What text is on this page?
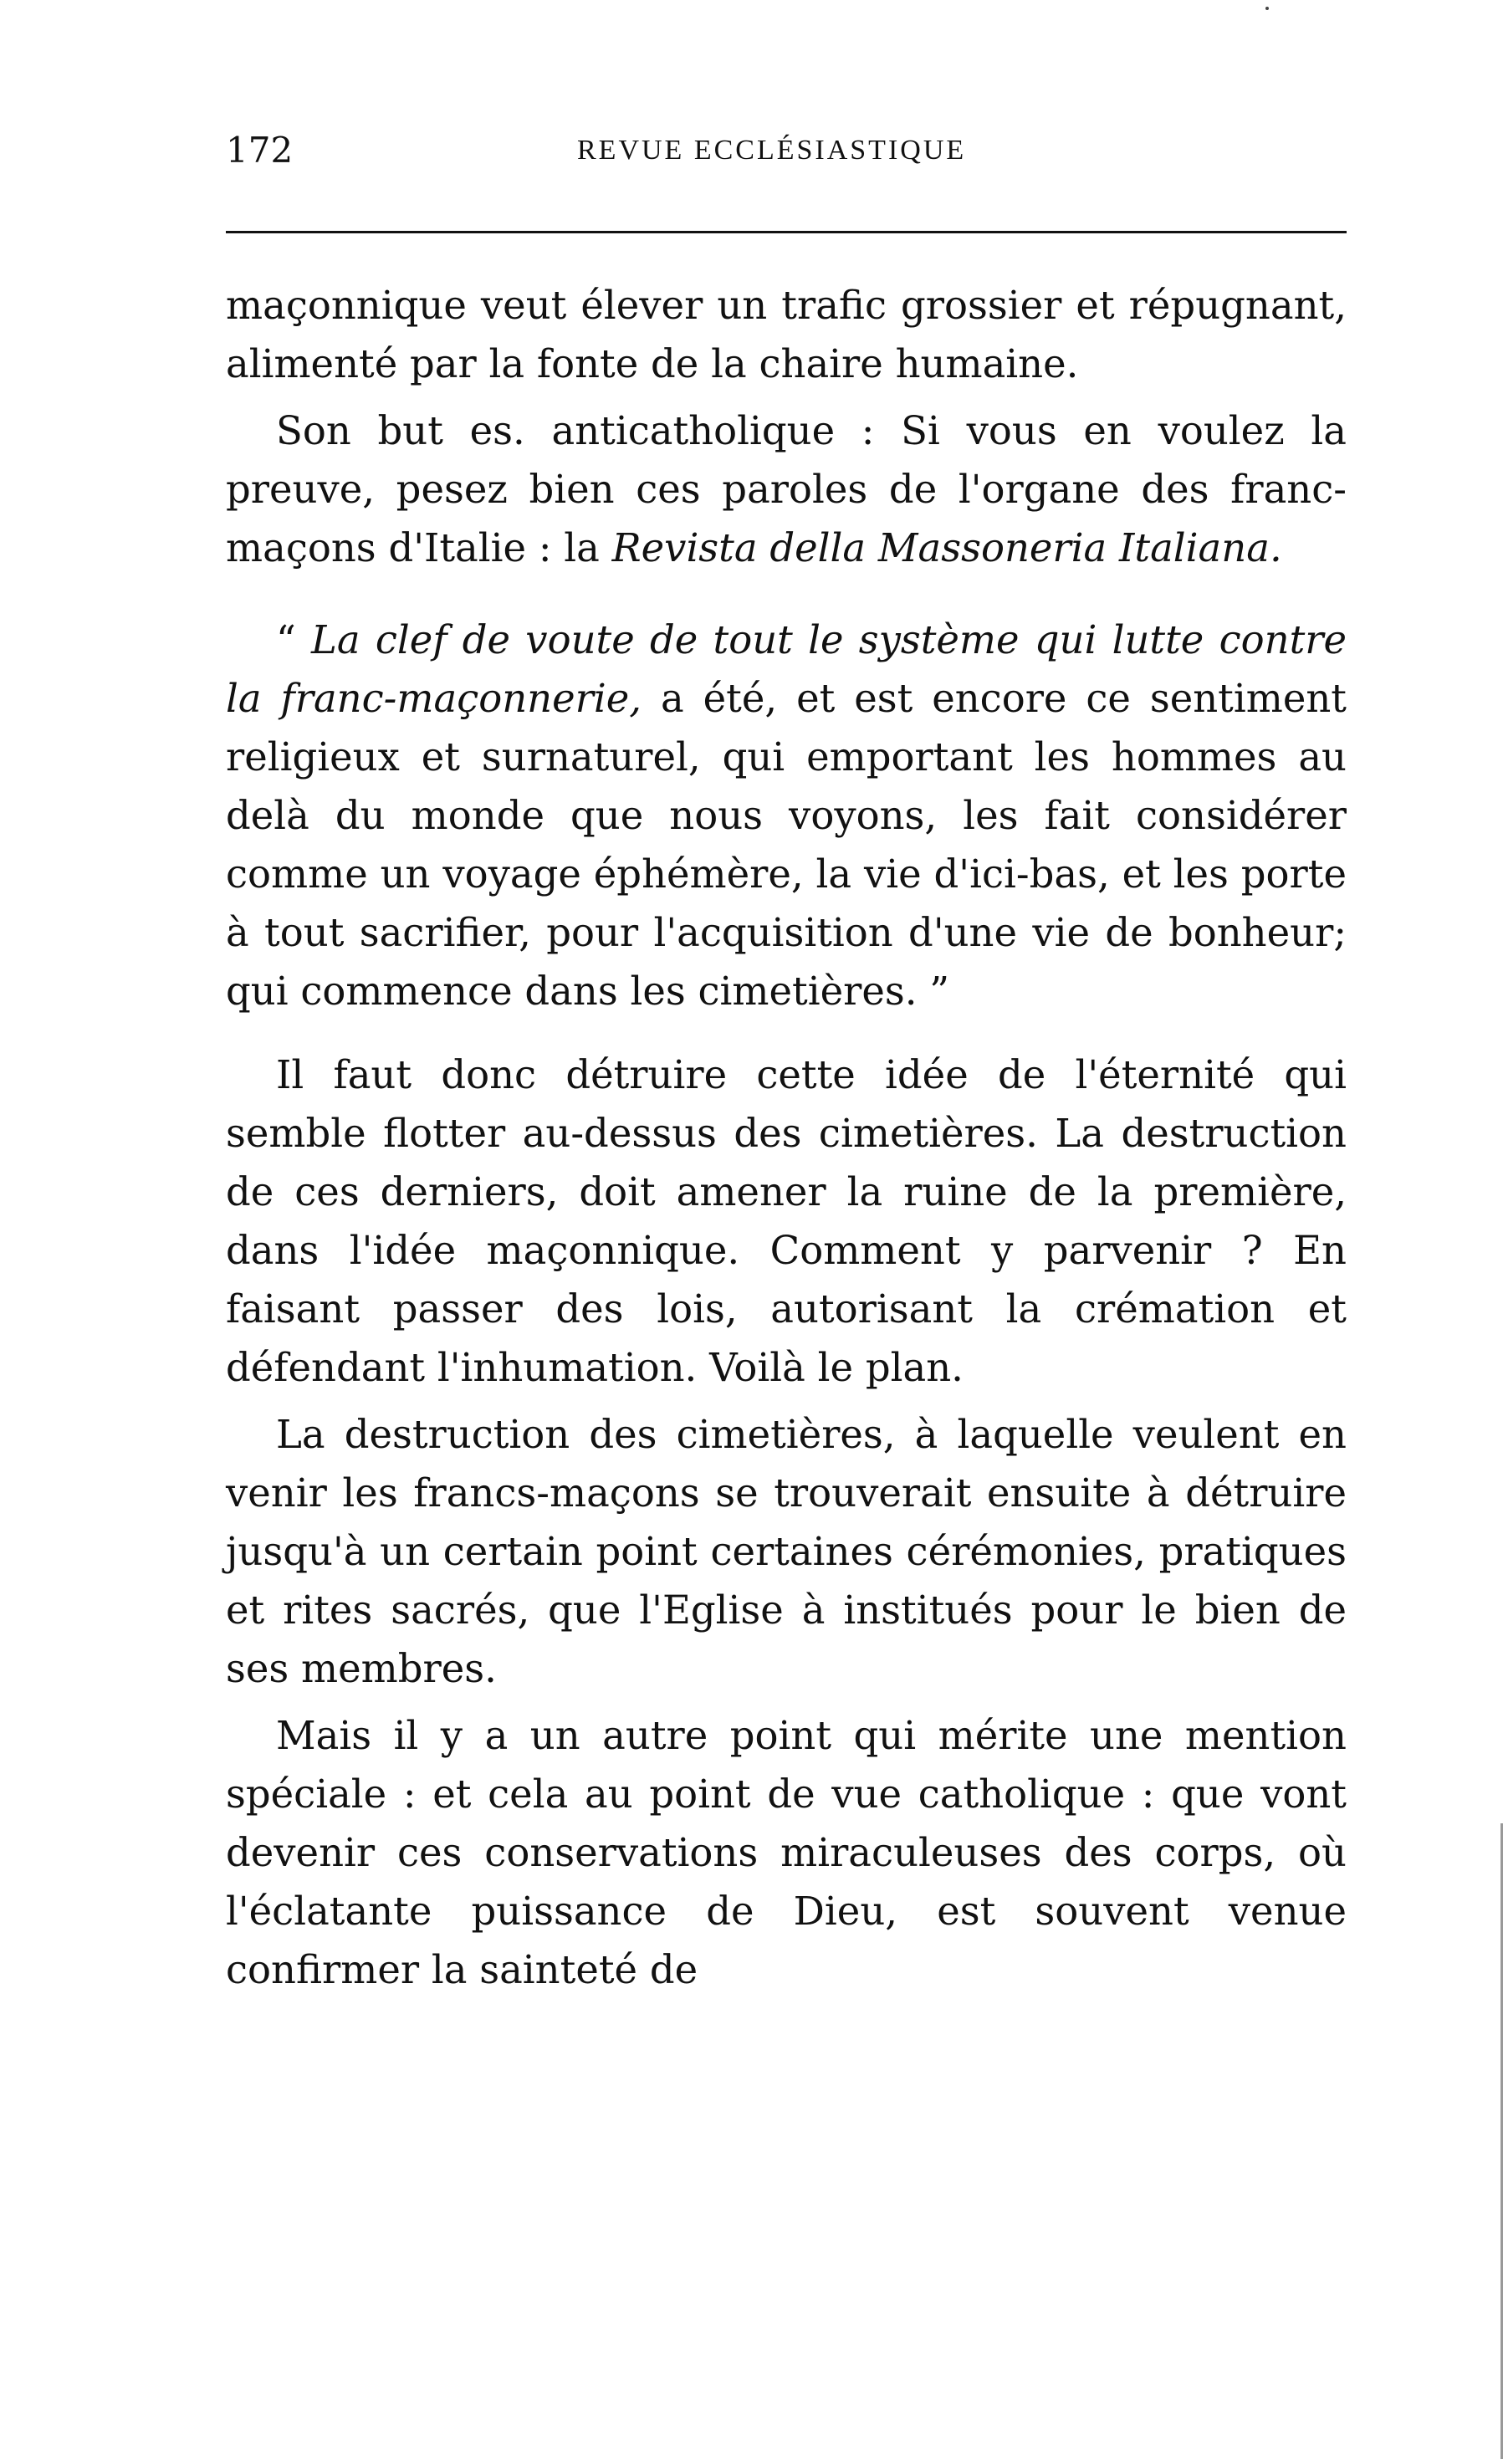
172	REVUE ECCLÉSIASTIQUE

maçonnique veut élever un trafic grossier et répugnant, alimenté par la fonte de la chaire humaine.

Son but es. anticatholique : Si vous en voulez la preuve, pesez bien ces paroles de l'organe des franc-maçons d'Italie : la Revista della Massoneria Italiana.

“ La clef de voute de tout le système qui lutte contre la franc-maçonnerie, a été, et est encore ce sentiment religieux et surnaturel, qui emportant les hommes au delà du monde que nous voyons, les fait considérer comme un voyage éphémère, la vie d'ici-bas, et les porte à tout sacrifier, pour l'acquisition d'une vie de bonheur; qui commence dans les cimetières. ”

Il faut donc détruire cette idée de l'éternité qui semble flotter au-dessus des cimetières. La destruction de ces derniers, doit amener la ruine de la première, dans l'idée maçonnique. Comment y parvenir ? En faisant passer des lois, autorisant la crémation et défendant l'inhumation. Voilà le plan.

La destruction des cimetières, à laquelle veulent en venir les francs-maçons se trouverait ensuite à détruire jusqu'à un certain point certaines cérémonies, pratiques et rites sacrés, que l'Eglise à institués pour le bien de ses membres.

Mais il y a un autre point qui mérite une mention spéciale : et cela au point de vue catholique : que vont devenir ces conservations miraculeuses des corps, où l'éclatante puissance de Dieu, est souvent venue confirmer la sainteté de
